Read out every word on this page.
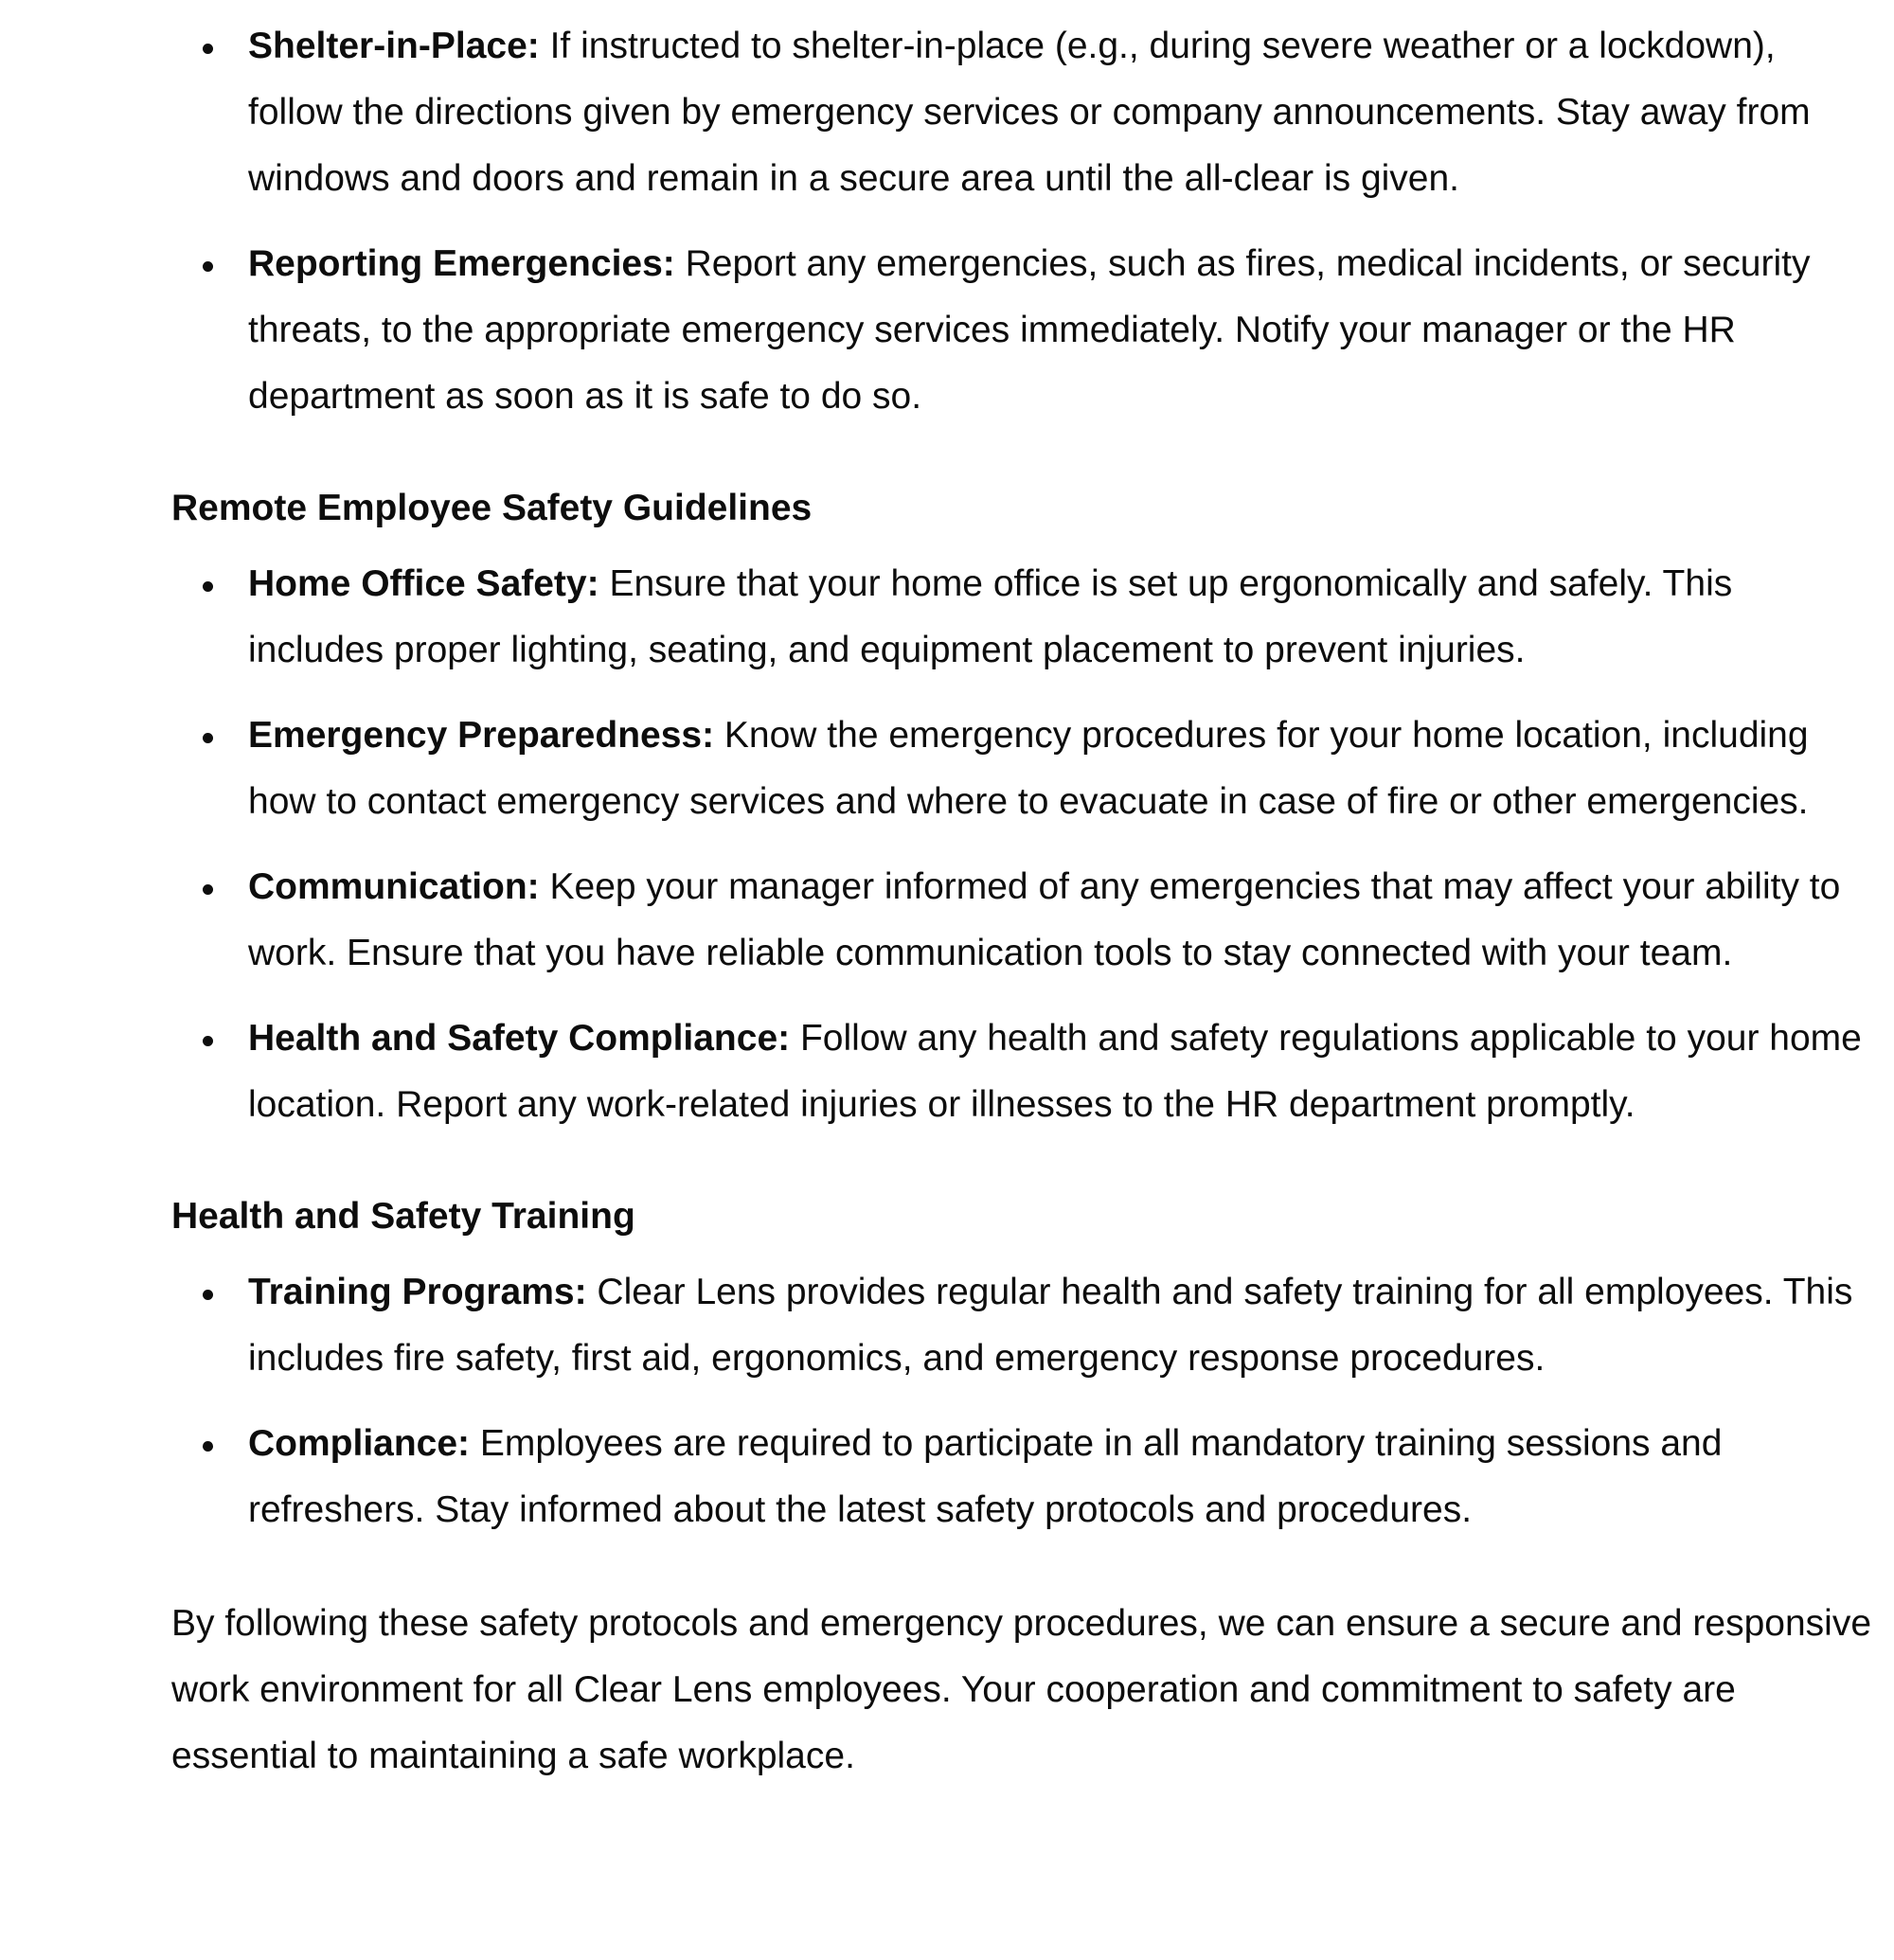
Shelter-in-Place: If instructed to shelter-in-place (e.g., during severe weather or a lockdown), follow the directions given by emergency services or company announcements. Stay away from windows and doors and remain in a secure area until the all-clear is given.
Reporting Emergencies: Report any emergencies, such as fires, medical incidents, or security threats, to the appropriate emergency services immediately. Notify your manager or the HR department as soon as it is safe to do so.
Remote Employee Safety Guidelines
Home Office Safety: Ensure that your home office is set up ergonomically and safely. This includes proper lighting, seating, and equipment placement to prevent injuries.
Emergency Preparedness: Know the emergency procedures for your home location, including how to contact emergency services and where to evacuate in case of fire or other emergencies.
Communication: Keep your manager informed of any emergencies that may affect your ability to work. Ensure that you have reliable communication tools to stay connected with your team.
Health and Safety Compliance: Follow any health and safety regulations applicable to your home location. Report any work-related injuries or illnesses to the HR department promptly.
Health and Safety Training
Training Programs: Clear Lens provides regular health and safety training for all employees. This includes fire safety, first aid, ergonomics, and emergency response procedures.
Compliance: Employees are required to participate in all mandatory training sessions and refreshers. Stay informed about the latest safety protocols and procedures.

By following these safety protocols and emergency procedures, we can ensure a secure and responsive work environment for all Clear Lens employees. Your cooperation and commitment to safety are essential to maintaining a safe workplace.
